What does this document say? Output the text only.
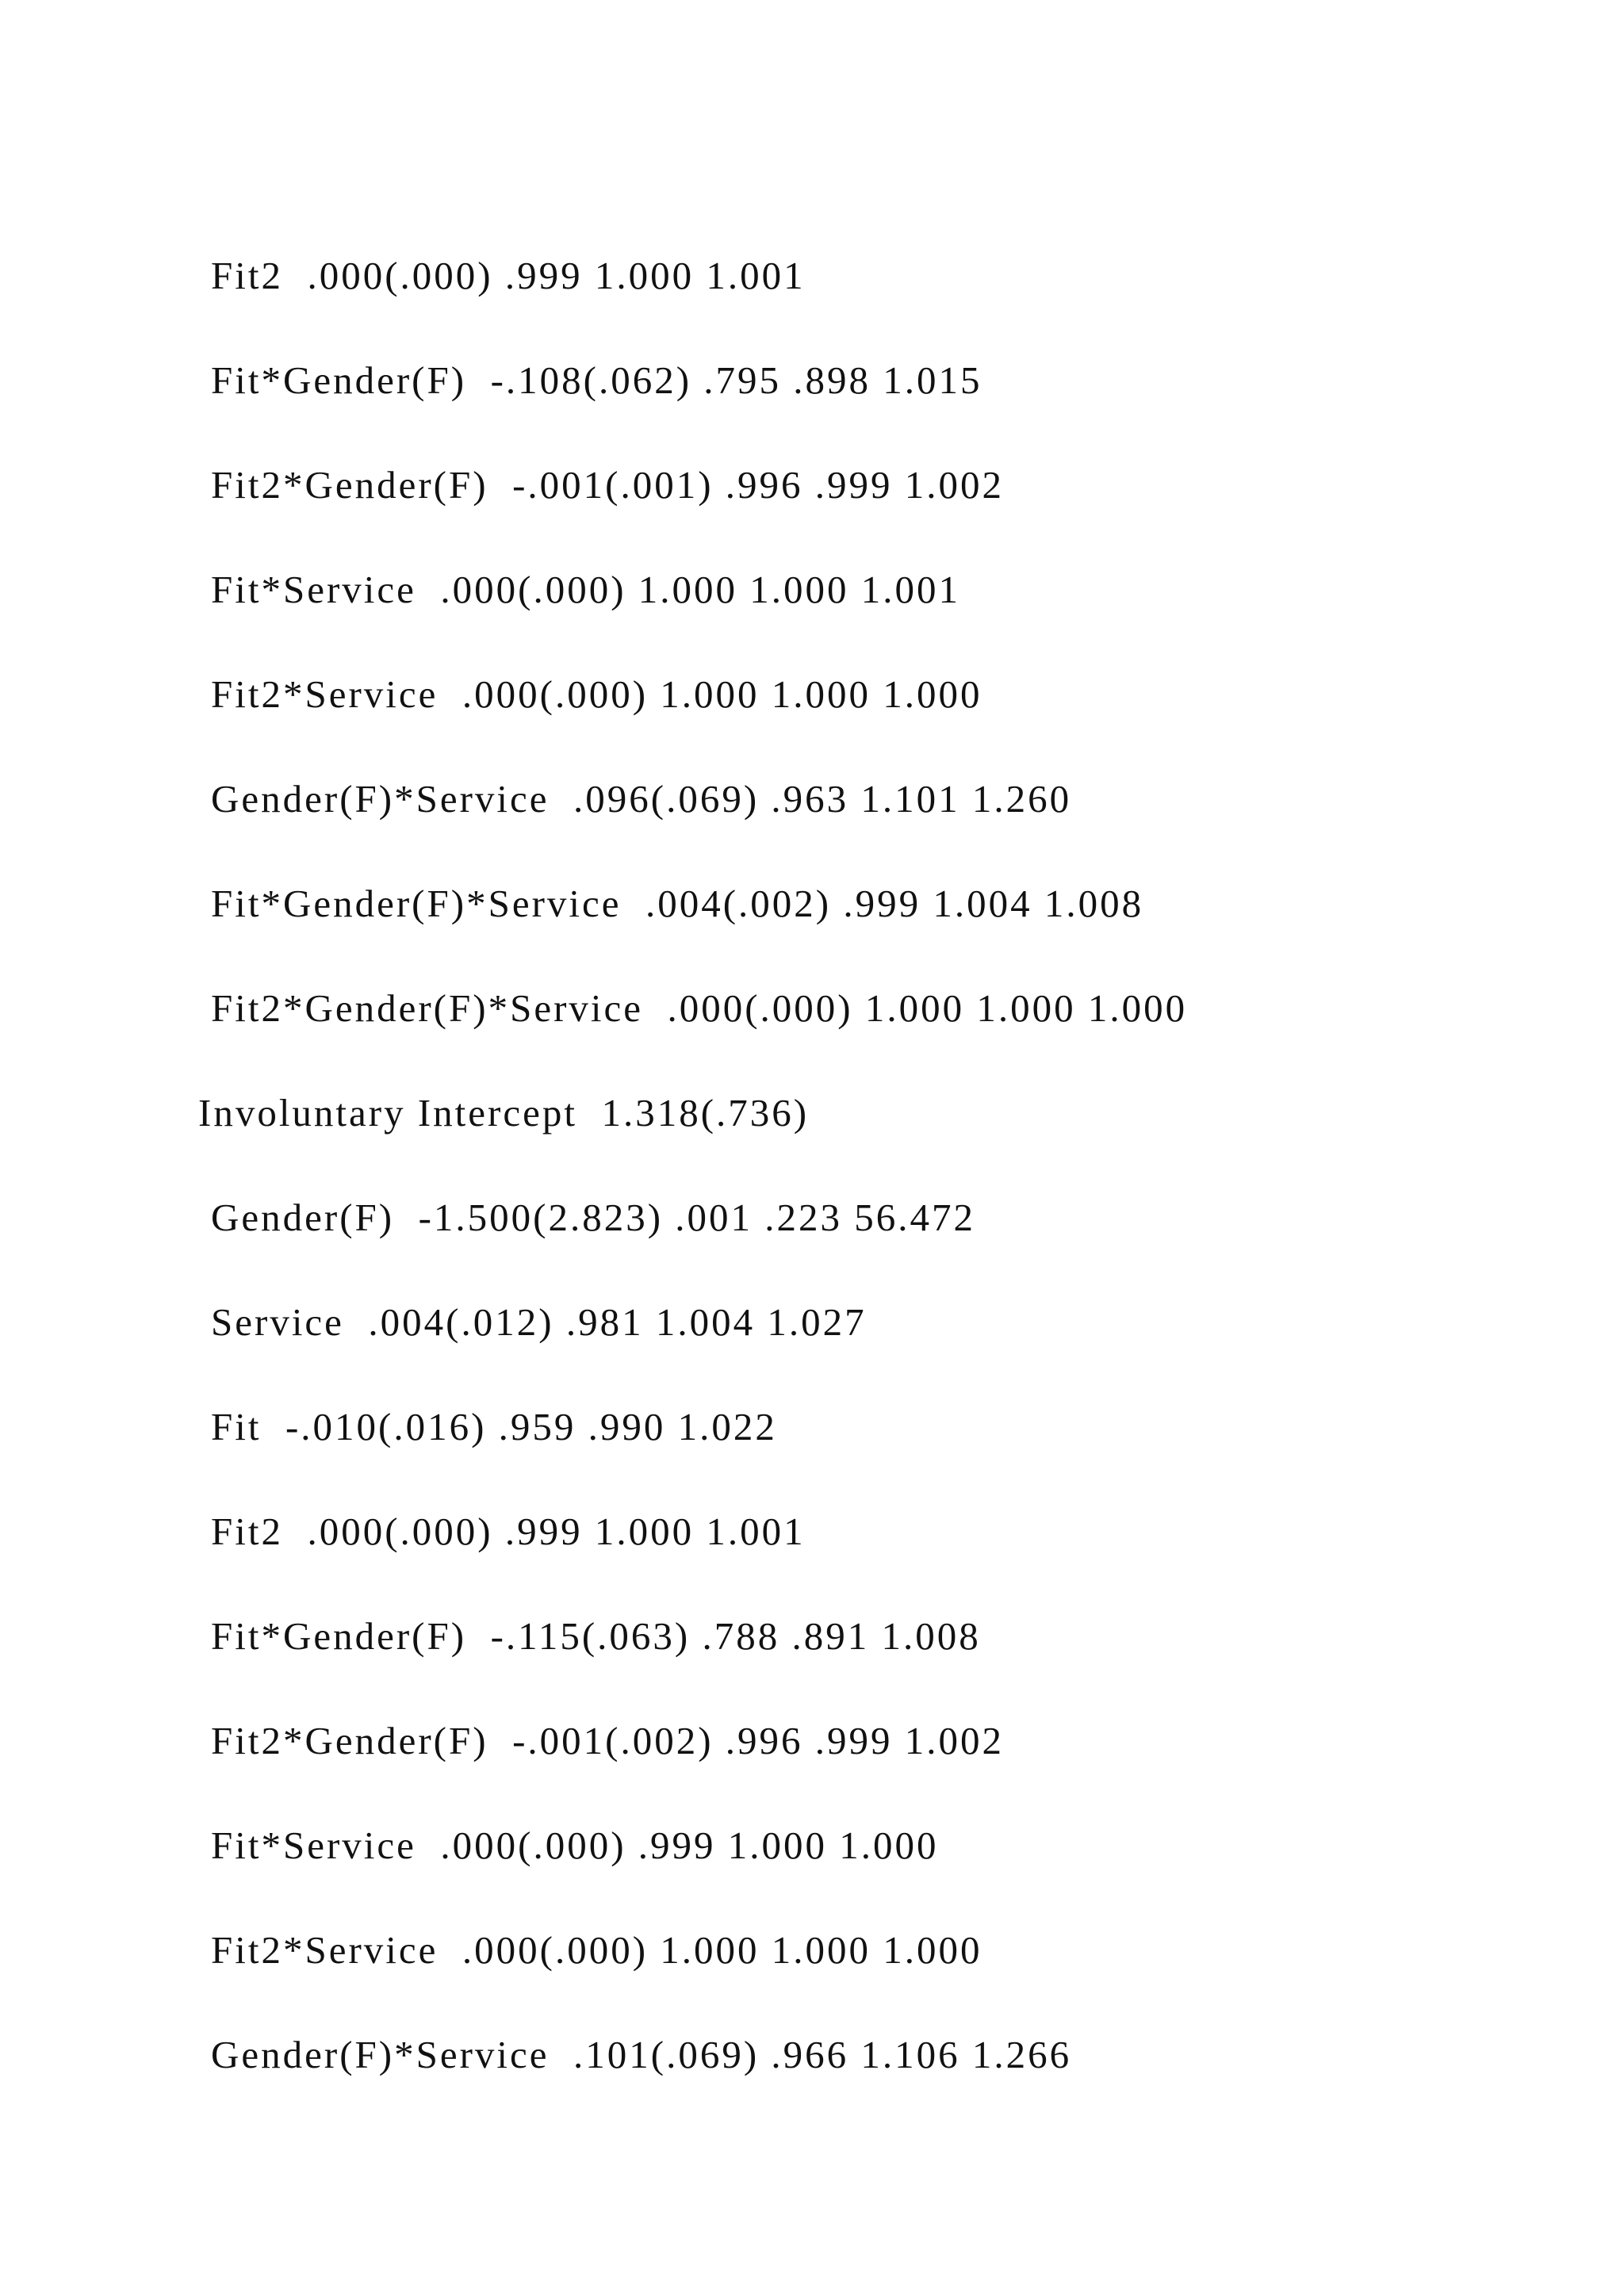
Fit2  .000(.000) .999 1.000 1.001
Fit*Gender(F)  -.108(.062) .795 .898 1.015
Fit2*Gender(F)  -.001(.001) .996 .999 1.002
Fit*Service  .000(.000) 1.000 1.000 1.001
Fit2*Service  .000(.000) 1.000 1.000 1.000
Gender(F)*Service  .096(.069) .963 1.101 1.260
Fit*Gender(F)*Service  .004(.002) .999 1.004 1.008
Fit2*Gender(F)*Service  .000(.000) 1.000 1.000 1.000
Involuntary Intercept  1.318(.736)
Gender(F)  -1.500(2.823) .001 .223 56.472
Service  .004(.012) .981 1.004 1.027
Fit  -.010(.016) .959 .990 1.022
Fit2  .000(.000) .999 1.000 1.001
Fit*Gender(F)  -.115(.063) .788 .891 1.008
Fit2*Gender(F)  -.001(.002) .996 .999 1.002
Fit*Service  .000(.000) .999 1.000 1.000
Fit2*Service  .000(.000) 1.000 1.000 1.000
Gender(F)*Service  .101(.069) .966 1.106 1.266
